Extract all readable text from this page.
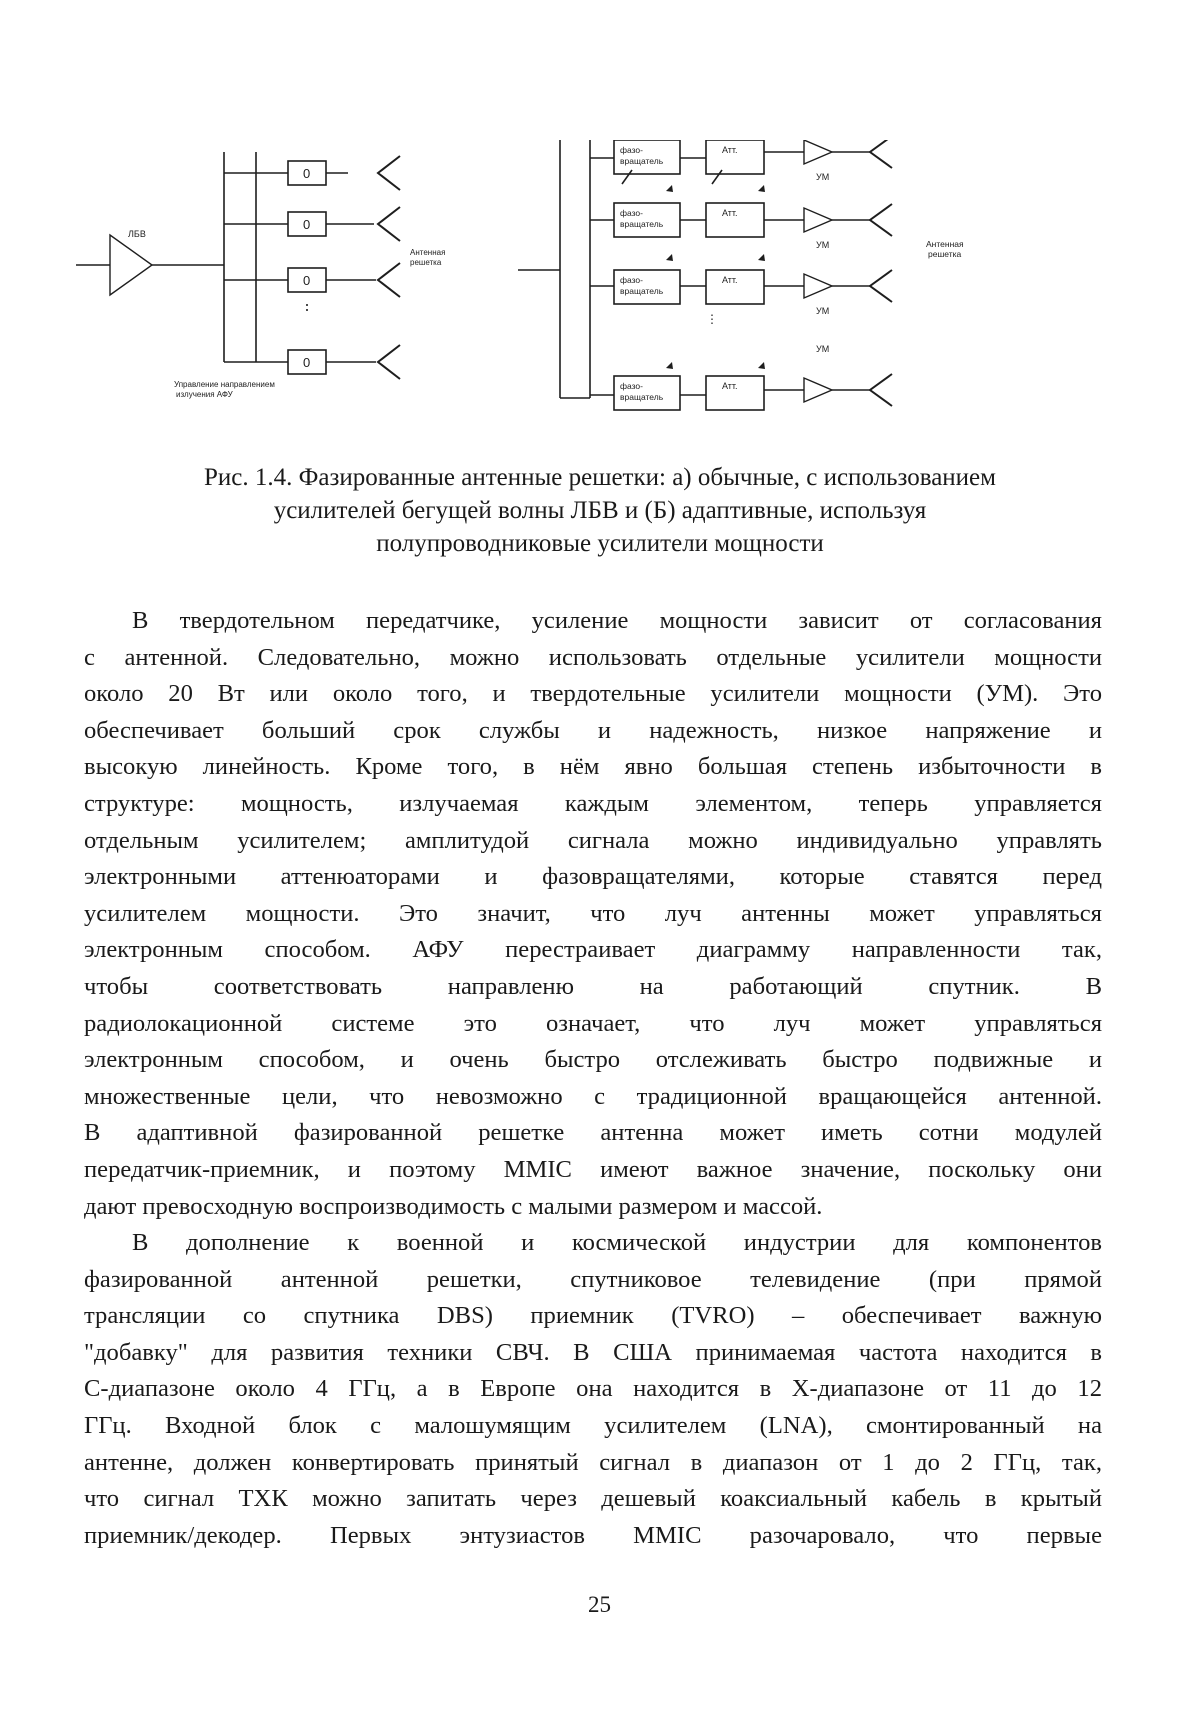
ЛБВ
0
0
0
0
Антенная
решетка
Управление направлением
излучения АФУ
⋮
УМ
фазо-
вращатель
Атт.
УМ
фазо-
вращатель
Атт.
УМ
фазо-
вращатель
Атт.
УМ
фазо-
вращатель
Атт.
Антенная
решетка
Рис. 1.4. Фазированные антенные решетки: а) обычные, с использованием
усилителей бегущей волны ЛБВ и (Б) адаптивные, используя
полупроводниковые усилители мощности
В твердотельном передатчике, усиление мощности зависит от согласования
с антенной. Следовательно, можно использовать отдельные усилители мощности
около 20 Вт или около того, и твердотельные усилители мощности (УМ). Это
обеспечивает больший срок службы и надежность, низкое напряжение и
высокую линейность. Кроме того, в нём явно большая степень избыточности в
структуре: мощность, излучаемая каждым элементом, теперь управляется
отдельным усилителем; амплитудой сигнала можно индивидуально управлять
электронными аттенюаторами и фазовращателями, которые ставятся перед
усилителем мощности. Это значит, что луч антенны может управляться
электронным способом. АФУ перестраивает диаграмму направленности так,
чтобы соответствовать направленю на работающий спутник. В
радиолокационной системе это означает, что луч может управляться
электронным способом, и очень быстро отслеживать быстро подвижные и
множественные цели, что невозможно с традиционной вращающейся антенной.
В адаптивной фазированной решетке антенна может иметь сотни модулей
передатчик-приемник, и поэтому MMIC имеют важное значение, поскольку они
дают превосходную воспроизводимость с малыми размером и массой.
В дополнение к военной и космической индустрии для компонентов
фазированной антенной решетки, спутниковое телевидение (при прямой
трансляции со спутника DBS) приемник (TVRO) – обеспечивает важную
"добавку" для развития техники СВЧ. В США принимаемая частота находится в
С-диапазоне около 4 ГГц, а в Европе она находится в Х-диапазоне от 11 до 12
ГГц. Входной блок с малошумящим усилителем (LNA), смонтированный на
антенне, должен конвертировать принятый сигнал в диапазон от 1 до 2 ГГц, так,
что сигнал ТХК можно запитать через дешевый коаксиальный кабель в крытый
приемник/декодер. Первых энтузиастов MMIC разочаровало, что первые
25
